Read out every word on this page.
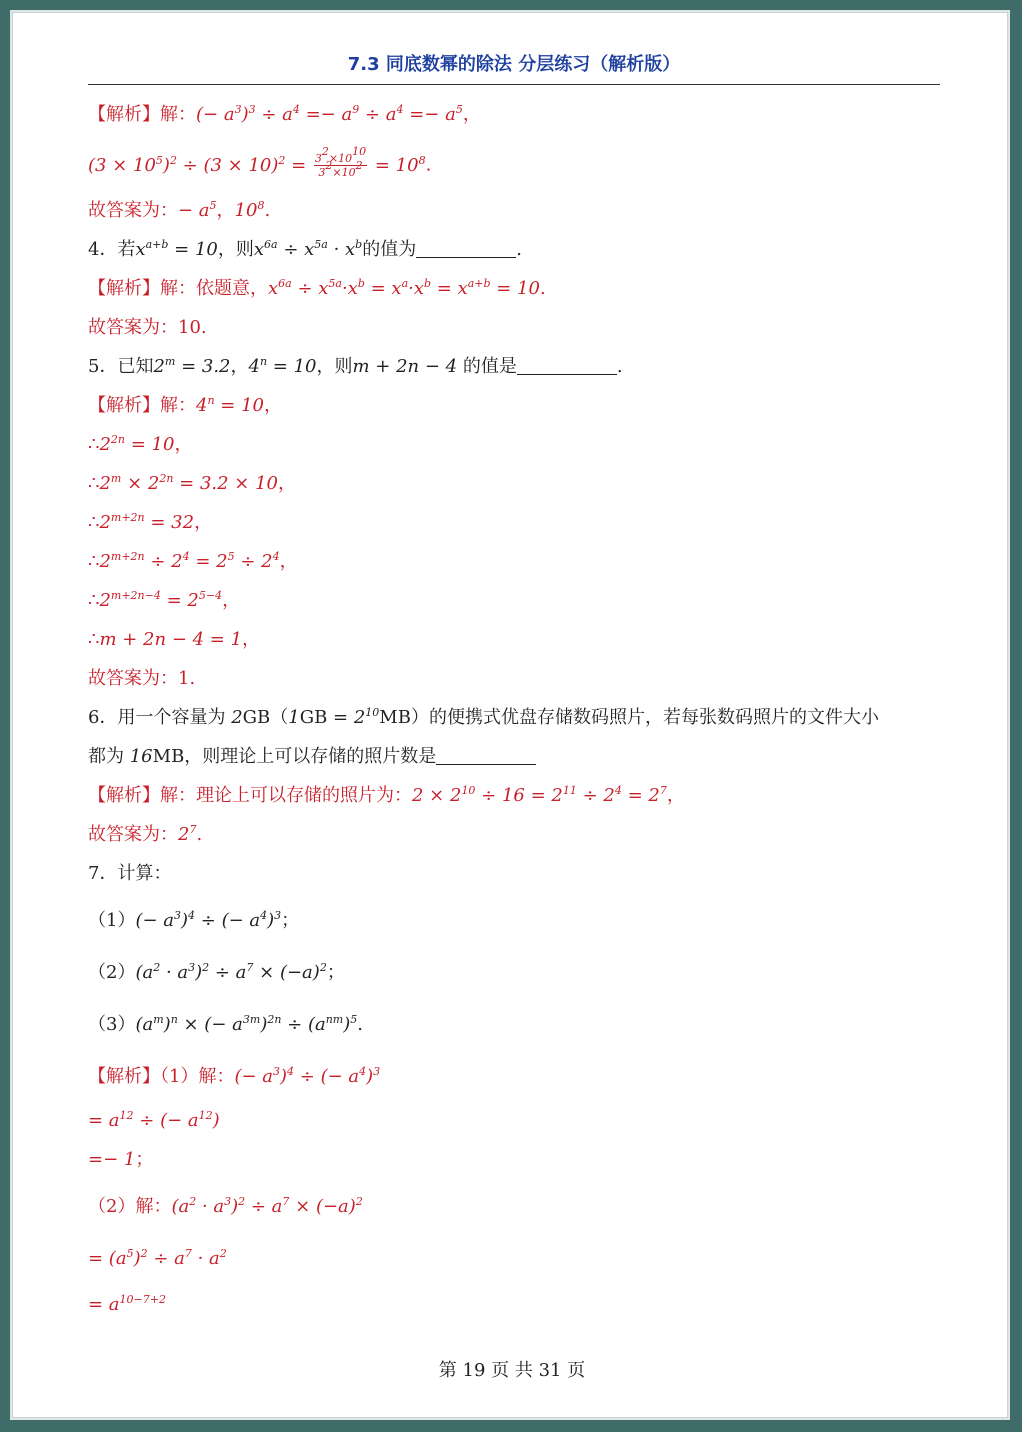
7.3 同底数幂的除法 分层练习（解析版）
【解析】解：(− $a^3)^3 \div a^4 =- a^9 \div a^4 =- a^5$，
$(3 \times 10^5)^2 \div (3 \times 10)^2 = \frac{3^2\times 10^{10}}{3^2\times 10^2} = 10^8$.
故答案为：− $a^5$，$10^8$.
4．若$x^{a+b} = 10$，则$x^{6a} \div x^{5a} \cdot x^b$的值为	.
【解析】解：依题意，$x^{6a} \div x^{5a}\cdot x^b = x^a\cdot x^b = x^{a+b} = 10$.
故答案为：10.
5．已知$2^m = 3.2$，$4^n = 10$，则m + 2n − 4 的值是	.
【解析】解：$4^n = 10$，
$\therefore 2^{2n} = 10$，
$\therefore 2^m \times 2^{2n} = 3.2 \times 10$，
$\therefore 2^{m+2n} = 32$，
$\therefore 2^{m+2n} \div 2^4 = 2^5 \div 2^4$，
$\therefore 2^{m+2n-4} = 2^{5-4}$，
∴m + 2n − 4 = 1，
故答案为：1.
6．用一个容量为 $2GB(1GB = 2^{10}MB)$的便携式优盘存储数码照片，若每张数码照片的文件大小
都为 16MB，则理论上可以存储的照片数是
【解析】解：理论上可以存储的照片为：$2 \times 2^{10} \div 16 = 2^{11} \div 2^4 = 2^7$，
故答案为：$2^7$.
7．计算：
$(1)(- a^3)^4$ ÷ (− $a^4)^3$；
$(2)(a^2 \cdot a^3)^2 \div a^7 \times (-a)^2$；
$(3)(a^m)^n$ × (− $a^{3m})^{2n} \div (a^{nm})^5$.
【解析】（1）解：(− $a^3)^4$ ÷ (− $a^4)^3$
= $a^{12}$ ÷ (− $a^{12}$)
=− 1；
（2）解：$(a^2 \cdot a^3)^2 \div a^7 \times (-a)^2$
= $(a^5)^2 \div a^7 \cdot a^2$
= $a^{10-7+2}$
第 19 页 共 31 页
